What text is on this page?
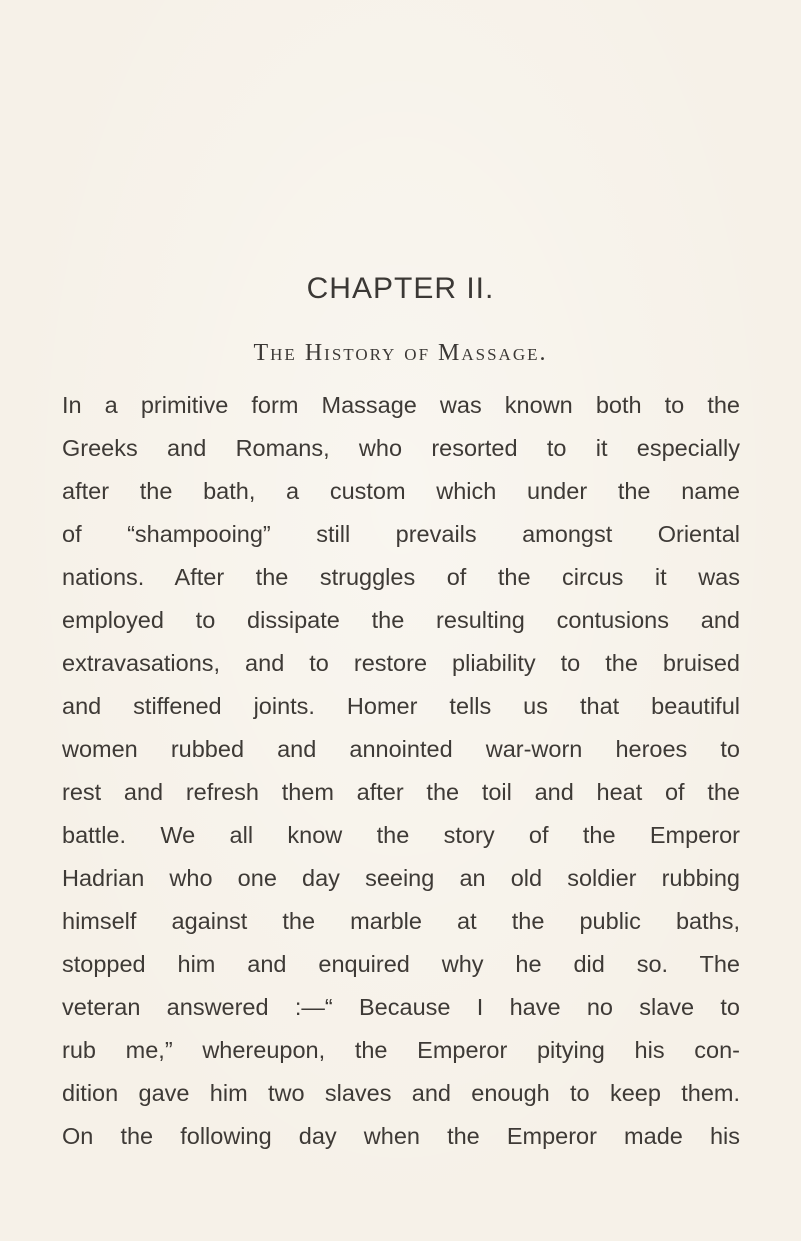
CHAPTER II.
The History of Massage.
In a primitive form Massage was known both to the
Greeks and Romans, who resorted to it especially
after the bath, a custom which under the name
of “shampooing” still prevails amongst Oriental
nations. After the struggles of the circus it was
employed to dissipate the resulting contusions and
extravasations, and to restore pliability to the bruised
and stiffened joints. Homer tells us that beautiful
women rubbed and annointed war-worn heroes to
rest and refresh them after the toil and heat of the
battle. We all know the story of the Emperor
Hadrian who one day seeing an old soldier rubbing
himself against the marble at the public baths,
stopped him and enquired why he did so. The
veteran answered :—“ Because I have no slave to
rub me,” whereupon, the Emperor pitying his con-
dition gave him two slaves and enough to keep them.
On the following day when the Emperor made his
